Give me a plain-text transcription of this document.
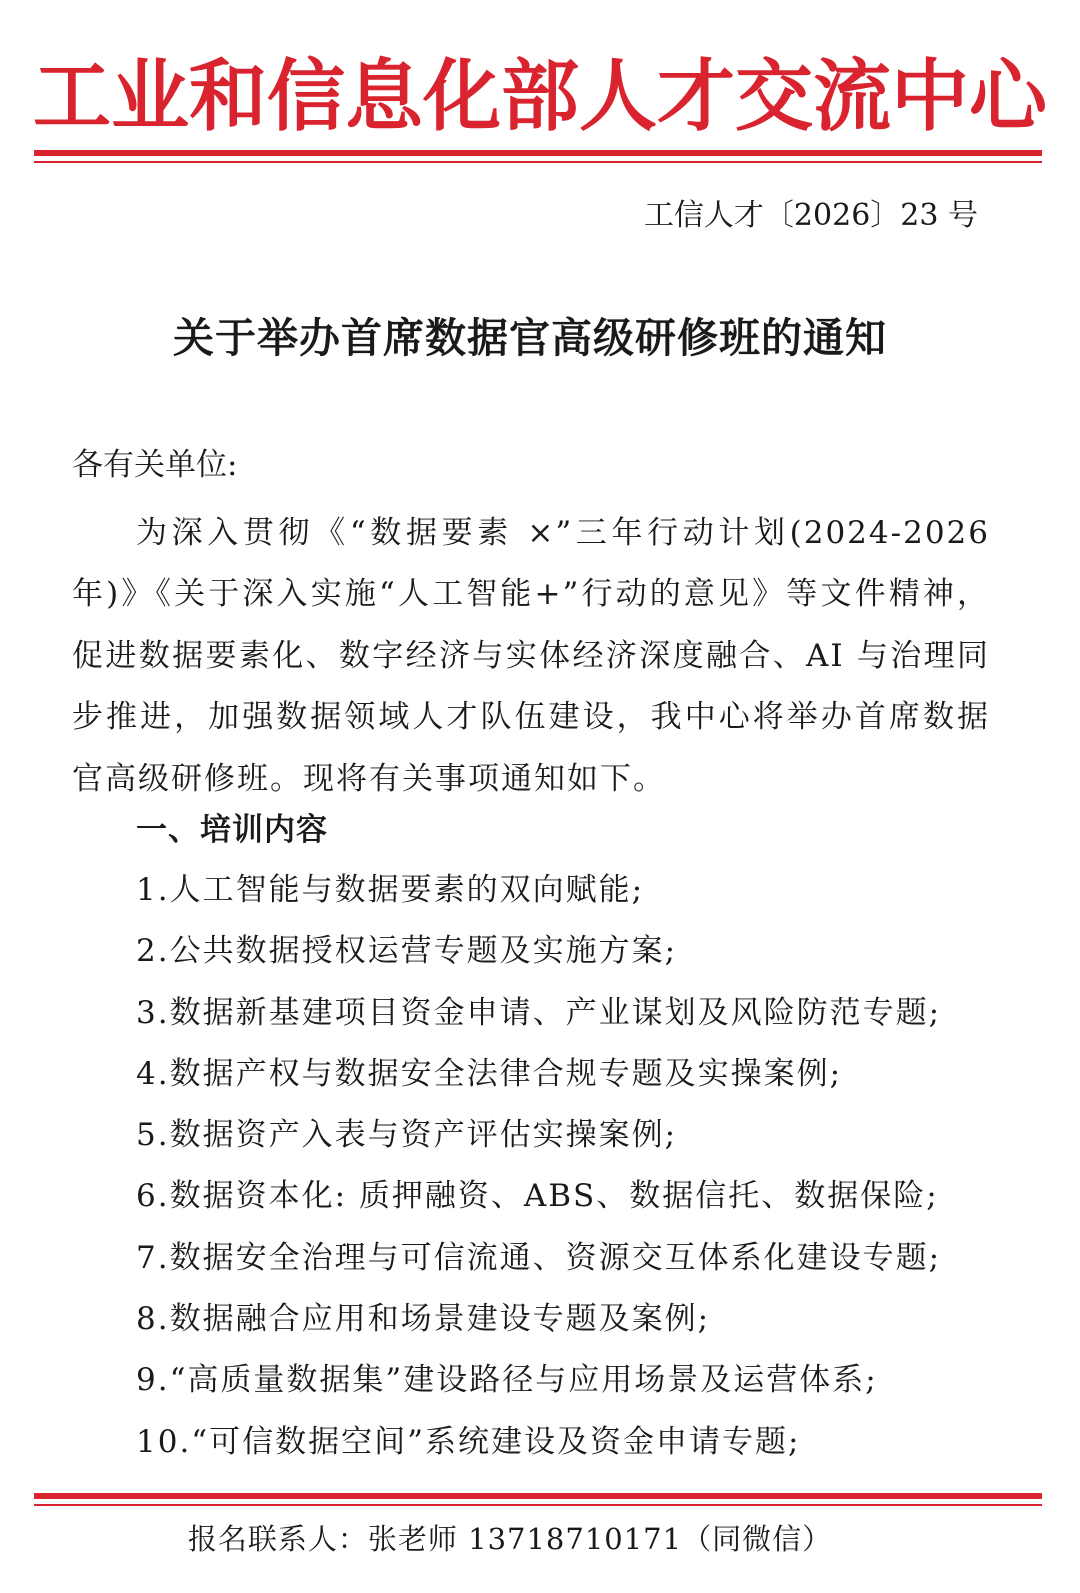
工业和信息化部人才交流中心
工信人才〔2026〕23 号
关于举办首席数据官高级研修班的通知
各有关单位:

为深入贯彻《“数据要素 ×”三年行动计划(2024-2026 年)》《关于深入实施“人工智能+”行动的意见》等文件精神，促进数据要素化、数字经济与实体经济深度融合、AI 与治理同步推进，加强数据领域人才队伍建设，我中心将举办首席数据官高级研修班。现将有关事项通知如下。

一、培训内容
1.人工智能与数据要素的双向赋能;
2.公共数据授权运营专题及实施方案;
3.数据新基建项目资金申请、产业谋划及风险防范专题;
4.数据产权与数据安全法律合规专题及实操案例;
5.数据资产入表与资产评估实操案例;
6.数据资本化: 质押融资、ABS、数据信托、数据保险;
7.数据安全治理与可信流通、资源交互体系化建设专题;
8.数据融合应用和场景建设专题及案例;
9.“高质量数据集”建设路径与应用场景及运营体系;
10.“可信数据空间”系统建设及资金申请专题;
报名联系人：张老师 13718710171（同微信）
